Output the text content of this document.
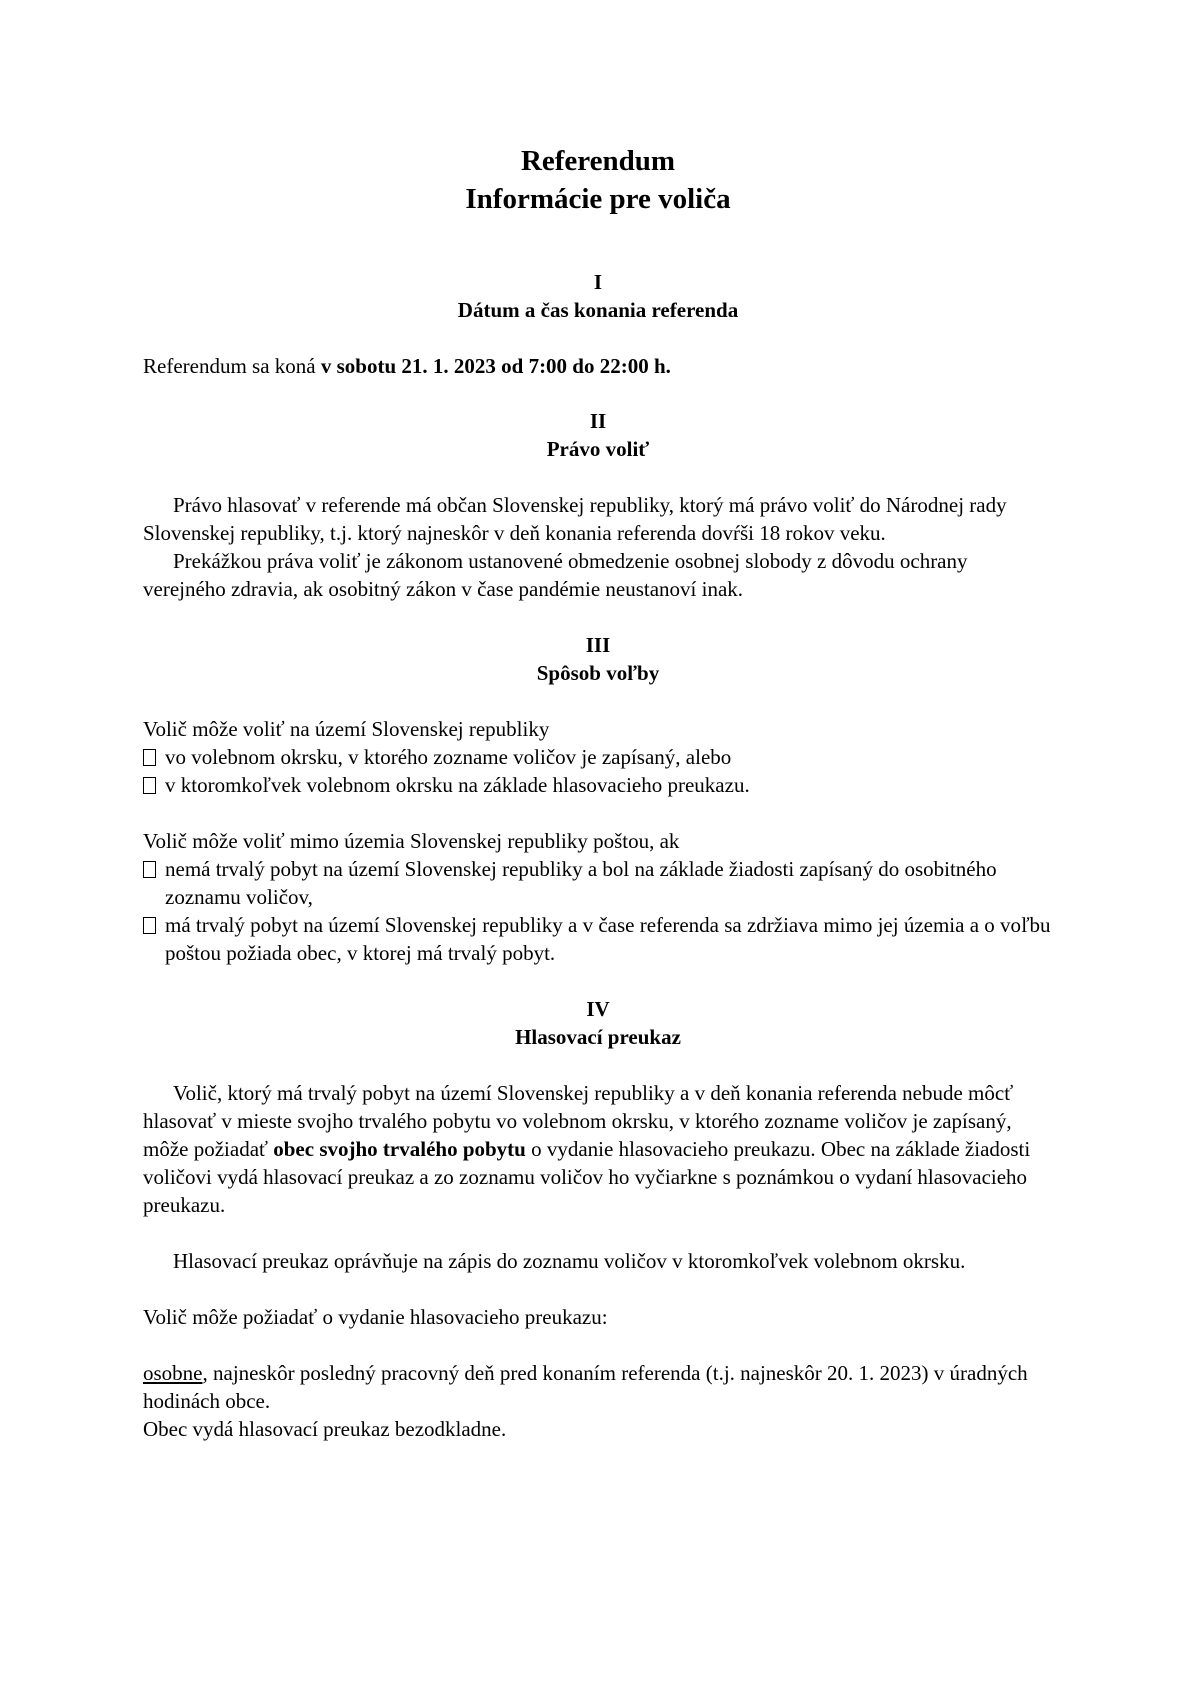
Referendum
Informácie pre voliča
I
Dátum a čas konania referenda

Referendum sa koná v sobotu 21. 1. 2023 od 7:00 do 22:00 h.

II
Právo voliť

Právo hlasovať v referende má občan Slovenskej republiky, ktorý má právo voliť do Národnej rady Slovenskej republiky, t.j. ktorý najneskôr v deň konania referenda dovŕši 18 rokov veku.

Prekážkou práva voliť je zákonom ustanovené obmedzenie osobnej slobody z dôvodu ochrany verejného zdravia, ak osobitný zákon v čase pandémie neustanoví inak.

III
Spôsob voľby

Volič môže voliť na území Slovenskej republiky

vo volebnom okrsku, v ktorého zozname voličov je zapísaný, alebo

v ktoromkoľvek volebnom okrsku na základe hlasovacieho preukazu.

Volič môže voliť mimo územia Slovenskej republiky poštou, ak

nemá trvalý pobyt na území Slovenskej republiky a bol na základe žiadosti zapísaný do osobitného zoznamu voličov,

má trvalý pobyt na území Slovenskej republiky a v čase referenda sa zdržiava mimo jej územia a o voľbu poštou požiada obec, v ktorej má trvalý pobyt.

IV
Hlasovací preukaz

Volič, ktorý má trvalý pobyt na území Slovenskej republiky a v deň konania referenda nebude môcť hlasovať v mieste svojho trvalého pobytu vo volebnom okrsku, v ktorého zozname voličov je zapísaný, môže požiadať obec svojho trvalého pobytu o vydanie hlasovacieho preukazu. Obec na základe žiadosti voličovi vydá hlasovací preukaz a zo zoznamu voličov ho vyčiarkne s poznámkou o vydaní hlasovacieho preukazu.

Hlasovací preukaz oprávňuje na zápis do zoznamu voličov v ktoromkoľvek volebnom okrsku.

Volič môže požiadať o vydanie hlasovacieho preukazu:

osobne, najneskôr posledný pracovný deň pred konaním referenda (t.j. najneskôr 20. 1. 2023) v úradných hodinách obce.

Obec vydá hlasovací preukaz bezodkladne.
